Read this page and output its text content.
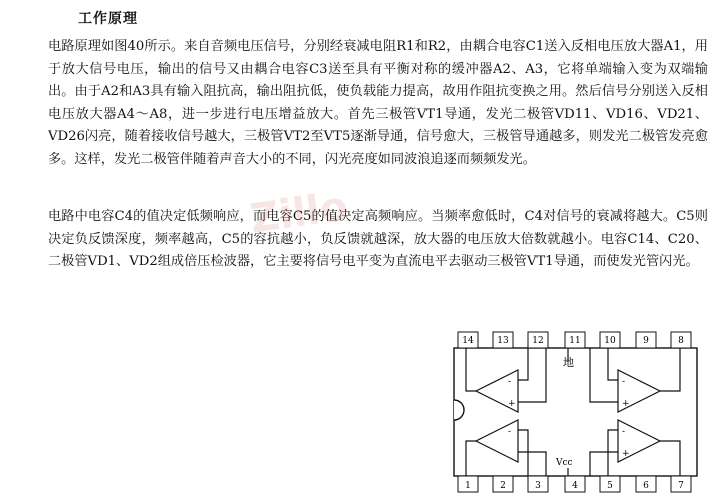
工作原理

电路原理如图40所示。来自音频电压信号，分别经衰减电阻R1和R2，由耦合电容C1送入反相电压放大器A1，用于放大信号电压，输出的信号又由耦合电容C3送至具有平衡对称的缓冲器A2、A3，它将单端输入变为双端输出。由于A2和A3具有输入阻抗高，输出阻抗低，使负载能力提高，故用作阻抗变换之用。然后信号分别送入反相电压放大器A4～A8，进一步进行电压增益放大。首先三极管VT1导通，发光二极管VD11、VD16、VD21、VD26闪亮，随着接收信号越大，三极管VT2至VT5逐渐导通，信号愈大，三极管导通越多，则发光二极管发亮愈多。这样，发光二极管伴随着声音大小的不同，闪光亮度如同波浪追逐而频频发光。

电路中电容C4的值决定低频响应，而电容C5的值决定高频响应。当频率愈低时，C4对信号的衰减将越大。C5则决定负反馈深度，频率越高，C5的容抗越小，负反馈就越深，放大器的电压放大倍数就越小。电容C14、C20、二极管VD1、VD2组成倍压检波器，它主要将信号电平变为直流电平去驱动三极管VT1导通，而使发光管闪光。

Zillo
14	13	12	11	10	9	8
1	2	3	4	5	6	7
-
+
-
+
-	-
+
地
Vcc
